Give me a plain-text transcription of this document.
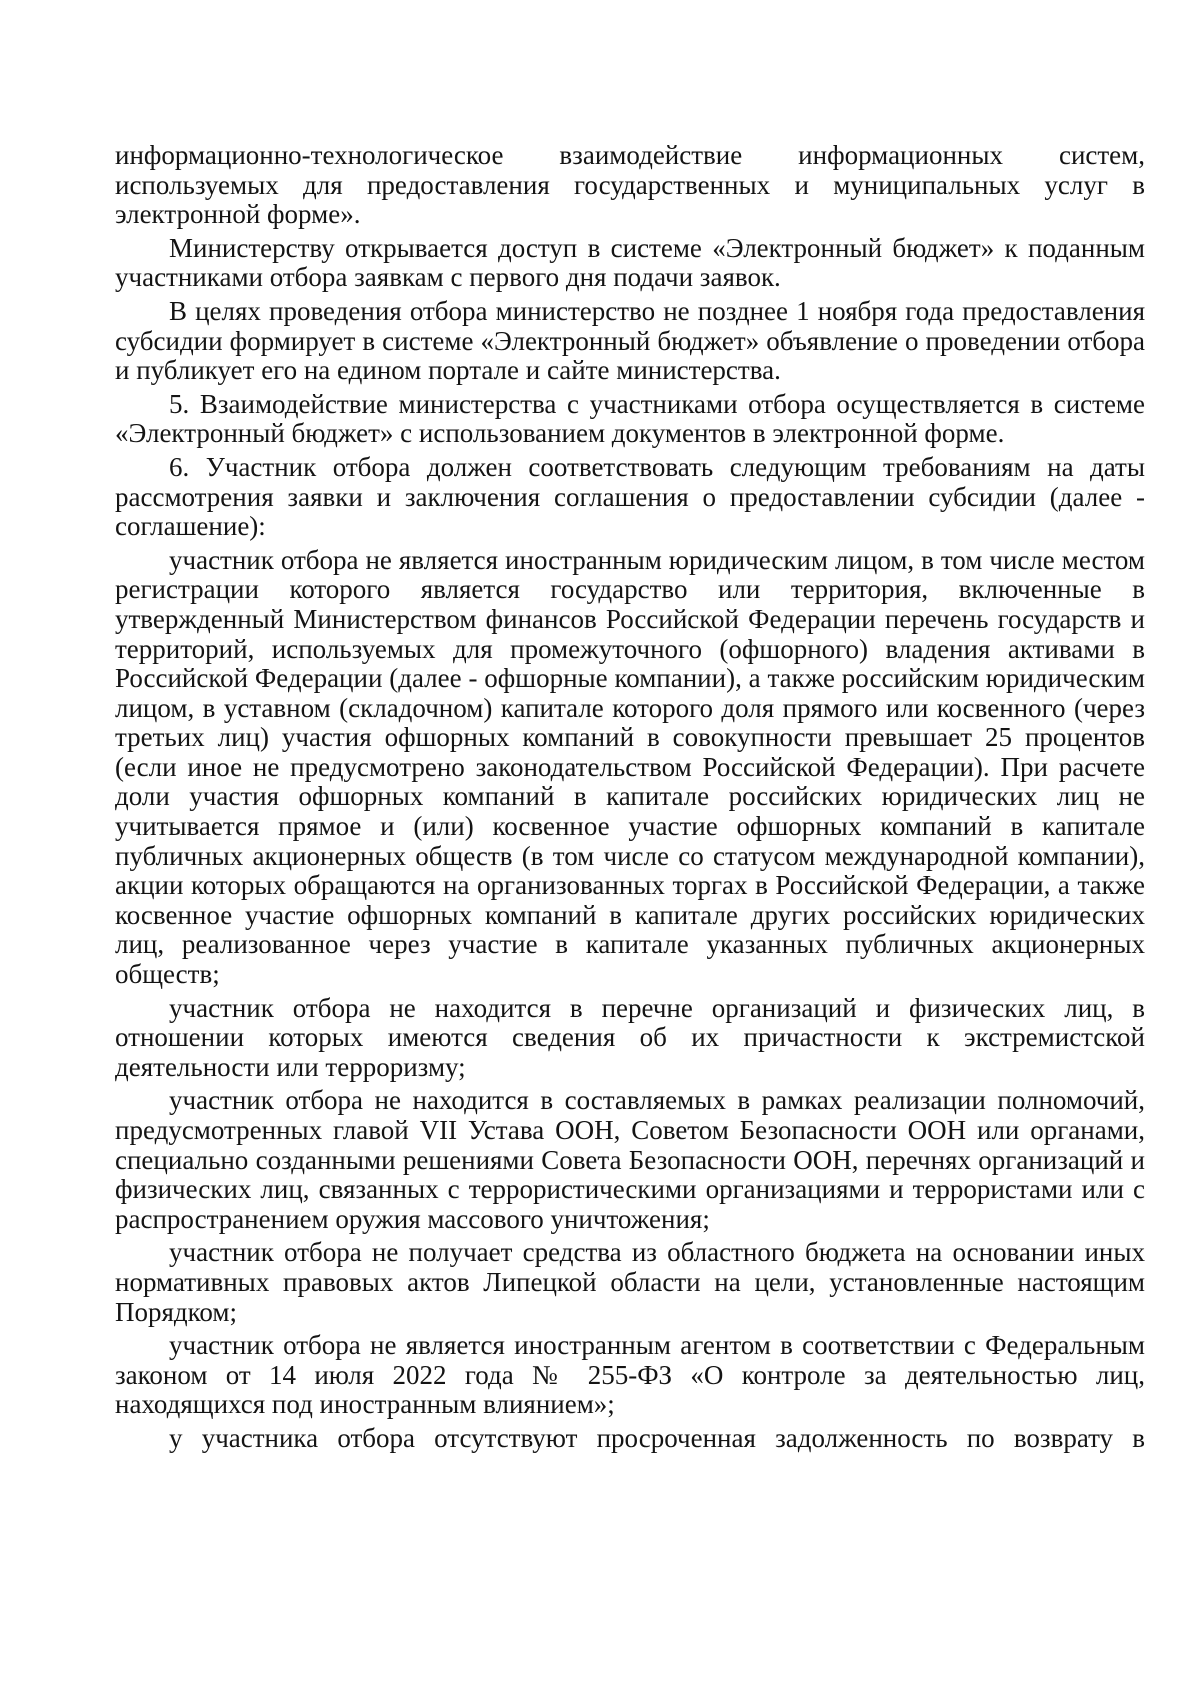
информационно-технологическое взаимодействие информационных систем, используемых для предоставления государственных и муниципальных услуг в электронной форме».

Министерству открывается доступ в системе «Электронный бюджет» к поданным участниками отбора заявкам с первого дня подачи заявок.

В целях проведения отбора министерство не позднее 1 ноября года предоставления субсидии формирует в системе «Электронный бюджет» объявление о проведении отбора и публикует его на едином портале и сайте министерства.

5. Взаимодействие министерства с участниками отбора осуществляется в системе «Электронный бюджет» с использованием документов в электронной форме.

6. Участник отбора должен соответствовать следующим требованиям на даты рассмотрения заявки и заключения соглашения о предоставлении субсидии (далее - соглашение):

участник отбора не является иностранным юридическим лицом, в том числе местом регистрации которого является государство или территория, включенные в утвержденный Министерством финансов Российской Федерации перечень государств и территорий, используемых для промежуточного (офшорного) владения активами в Российской Федерации (далее - офшорные компании), а также российским юридическим лицом, в уставном (складочном) капитале которого доля прямого или косвенного (через третьих лиц) участия офшорных компаний в совокупности превышает 25 процентов (если иное не предусмотрено законодательством Российской Федерации). При расчете доли участия офшорных компаний в капитале российских юридических лиц не учитывается прямое и (или) косвенное участие офшорных компаний в капитале публичных акционерных обществ (в том числе со статусом международной компании), акции которых обращаются на организованных торгах в Российской Федерации, а также косвенное участие офшорных компаний в капитале других российских юридических лиц, реализованное через участие в капитале указанных публичных акционерных обществ;

участник отбора не находится в перечне организаций и физических лиц, в отношении которых имеются сведения об их причастности к экстремистской деятельности или терроризму;

участник отбора не находится в составляемых в рамках реализации полномочий, предусмотренных главой VII Устава ООН, Советом Безопасности ООН или органами, специально созданными решениями Совета Безопасности ООН, перечнях организаций и физических лиц, связанных с террористическими организациями и террористами или с распространением оружия массового уничтожения;

участник отбора не получает средства из областного бюджета на основании иных нормативных правовых актов Липецкой области на цели, установленные настоящим Порядком;

участник отбора не является иностранным агентом в соответствии с Федеральным законом от 14 июля 2022 года № 255-ФЗ «О контроле за деятельностью лиц, находящихся под иностранным влиянием»;

у участника отбора отсутствуют просроченная задолженность по возврату в
